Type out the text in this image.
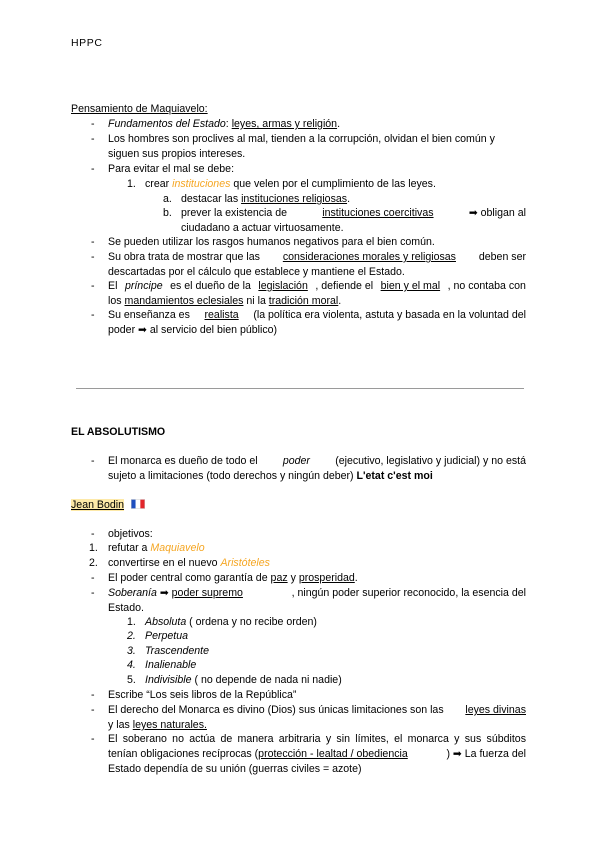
HPPC
Pensamiento de Maquiavelo:
- Fundamentos del Estado: leyes, armas y religión.
- Los hombres son proclives al mal, tienden a la corrupción, olvidan el bien común y
siguen sus propios intereses.
- Para evitar el mal se debe:
1. crear instituciones que velen por el cumplimiento de las leyes.
a. destacar las instituciones religiosas.
b. prever la existencia de	instituciones coercitivas	➡ obligan al
ciudadano a actuar virtuosamente.
- Se pueden utilizar los rasgos humanos negativos para el bien común.
- Su obra trata de mostrar que las consideraciones morales y religiosas deben ser
descartadas por el cálculo que establece y mantiene el Estado.
- El príncipe es el dueño de la legislación , defiende el bien y el mal , no contaba con
los mandamientos eclesiales ni la tradición moral.
- Su enseñanza es realista (la política era violenta, astuta y basada en la voluntad del
poder ➡ al servicio del bien público)
EL ABSOLUTISMO
- El monarca es dueño de todo el poder (ejecutivo, legislativo y judicial) y no está
sujeto a limitaciones (todo derechos y ningún deber) L'etat c'est moi
Jean Bodin
- objetivos:
1. refutar a Maquiavelo
2. convertirse en el nuevo Aristóteles
- El poder central como garantía de paz y prosperidad.
- Soberanía ➡ poder supremo	, ningún poder superior reconocido, la esencia del
Estado.
1. Absoluta ( ordena y no recibe orden)
2. Perpetua
3. Trascendente
4. Inalienable
5. Indivisible ( no depende de nada ni nadie)
- Escribe “Los seis libros de la República”
- El derecho del Monarca es divino (Dios) sus únicas limitaciones son las leyes divinas
y las leyes naturales.
- El soberano no actúa de manera arbitraria y sin límites, el monarca y sus súbditos
tenían obligaciones recíprocas (protección - lealtad / obediencia	) ➡ La fuerza del
Estado dependía de su unión (guerras civiles = azote)
